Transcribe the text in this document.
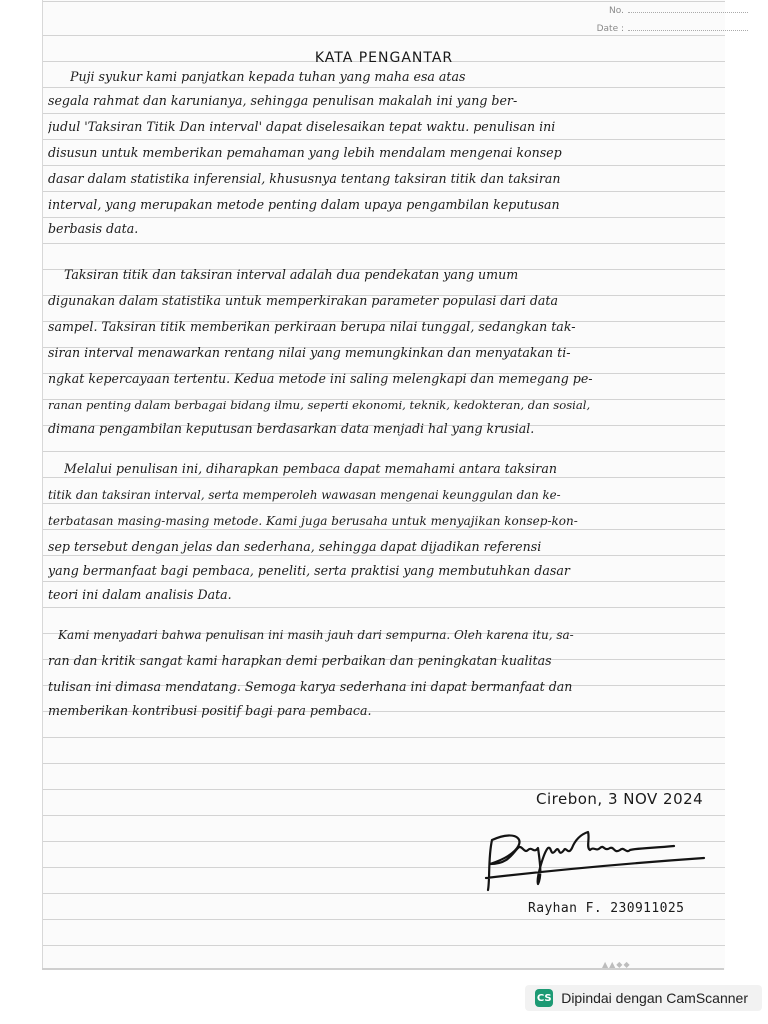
No.
Date :
KATA PENGANTAR
Puji syukur kami panjatkan kepada tuhan yang maha esa atas
segala rahmat dan karunianya, sehingga penulisan makalah ini yang ber-
judul 'Taksiran Titik Dan interval' dapat diselesaikan tepat waktu. penulisan ini
disusun untuk memberikan pemahaman yang lebih mendalam mengenai konsep
dasar dalam statistika inferensial, khususnya tentang taksiran titik dan taksiran
interval, yang merupakan metode penting dalam upaya pengambilan keputusan
berbasis data.
Taksiran titik dan taksiran interval adalah dua pendekatan yang umum
digunakan dalam statistika untuk memperkirakan parameter populasi dari data
sampel. Taksiran titik memberikan perkiraan berupa nilai tunggal, sedangkan tak-
siran interval menawarkan rentang nilai yang memungkinkan dan menyatakan ti-
ngkat kepercayaan tertentu. Kedua metode ini saling melengkapi dan memegang pe-
ranan penting dalam berbagai bidang ilmu, seperti ekonomi, teknik, kedokteran, dan sosial,
dimana pengambilan keputusan berdasarkan data menjadi hal yang krusial.
Melalui penulisan ini, diharapkan pembaca dapat memahami antara taksiran
titik dan taksiran interval, serta memperoleh wawasan mengenai keunggulan dan ke-
terbatasan masing-masing metode. Kami juga berusaha untuk menyajikan konsep-kon-
sep tersebut dengan jelas dan sederhana, sehingga dapat dijadikan referensi
yang bermanfaat bagi pembaca, peneliti, serta praktisi yang membutuhkan dasar
teori ini dalam analisis Data.
Kami menyadari bahwa penulisan ini masih jauh dari sempurna. Oleh karena itu, sa-
ran dan kritik sangat kami harapkan demi perbaikan dan peningkatan kualitas
tulisan ini dimasa mendatang. Semoga karya sederhana ini dapat bermanfaat dan
memberikan kontribusi positif bagi para pembaca.
Cirebon, 3 NOV 2024
Rayhan F. 230911025
▲▲◆◆
CS Dipindai dengan CamScanner
